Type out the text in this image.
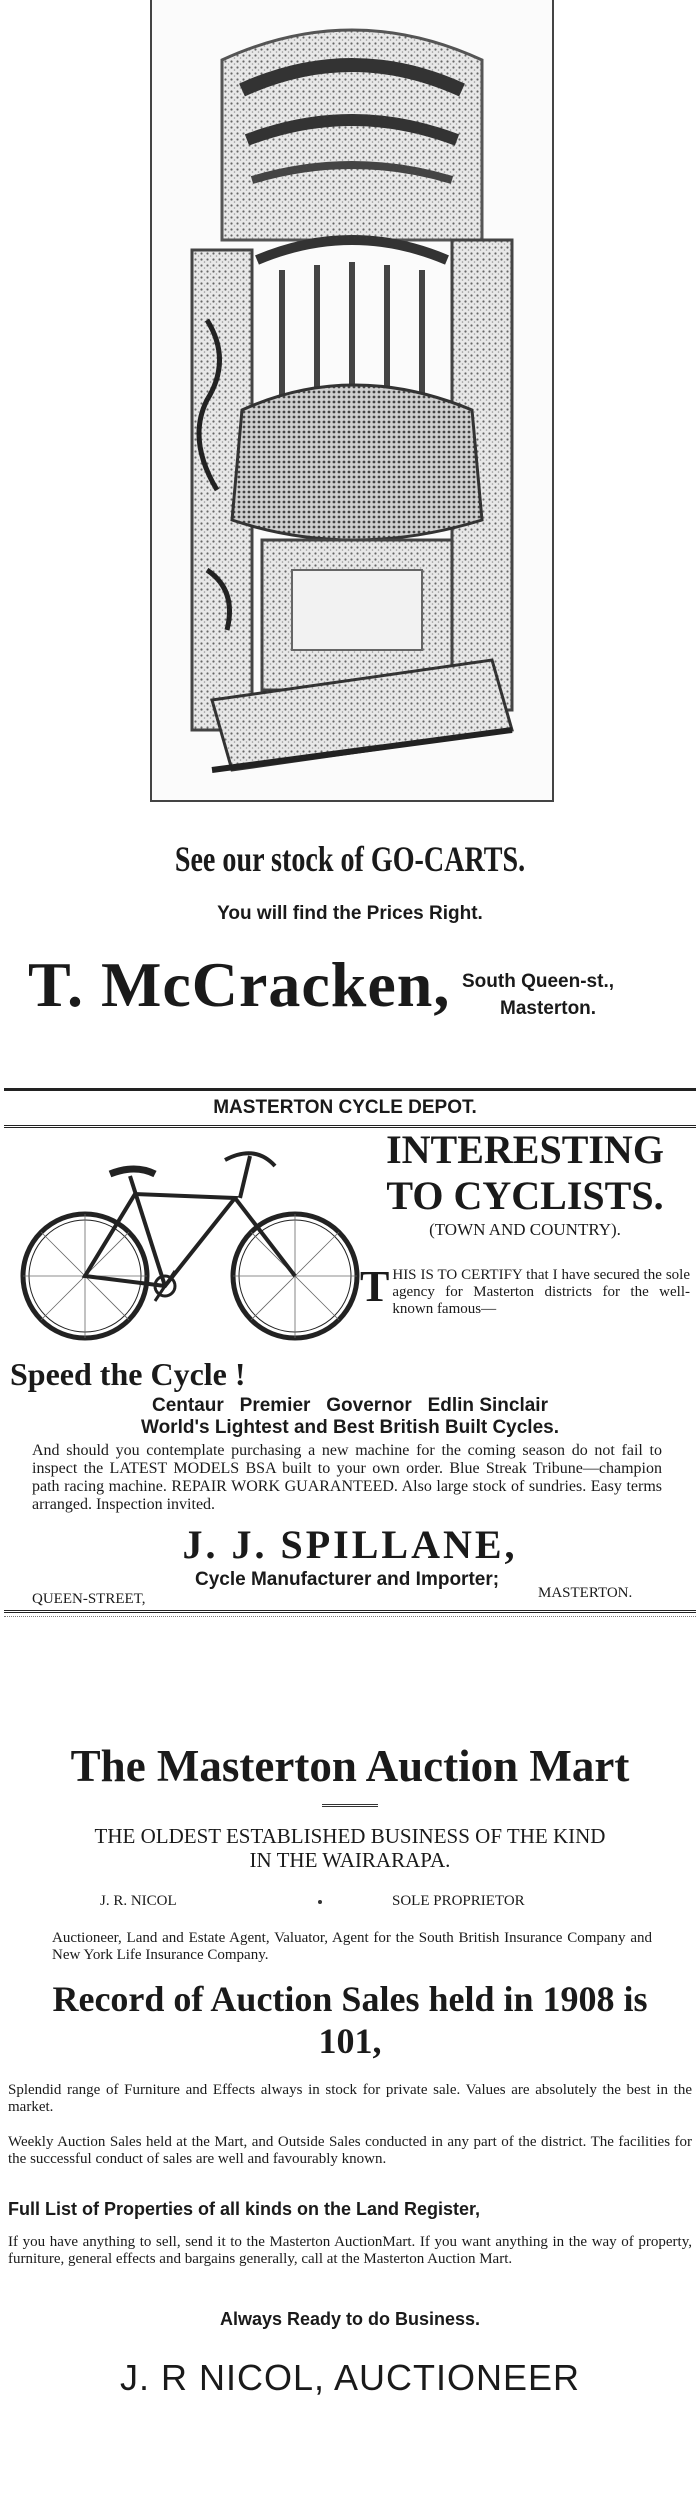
See our stock of GO-CARTS.
You will find the Prices Right.
T. McCracken, South Queen-st.,
Masterton.
MASTERTON CYCLE DEPOT.
Speed the Cycle !
INTERESTING
TO CYCLISTS.
(TOWN AND COUNTRY).
T HIS IS TO CERTIFY that I have secured the sole agency for Masterton districts for the well-known famous—
Centaur   Premier   Governor   Edlin Sinclair
World's Lightest and Best British Built Cycles.
And should you contemplate purchasing a new machine for the coming season do not fail to inspect the LATEST MODELS BSA built to your own order. Blue Streak Tribune—champion path racing machine. REPAIR WORK GUARANTEED. Also large stock of sundries. Easy terms arranged. Inspection invited.
J. J. SPILLANE,
Cycle Manufacturer and Importer;
QUEEN-STREET,	MASTERTON.
The Masterton Auction Mart
THE OLDEST ESTABLISHED BUSINESS OF THE KIND
IN THE WAIRARAPA.
J. R. NICOL	SOLE PROPRIETOR
Auctioneer, Land and Estate Agent, Valuator, Agent for the South British Insurance Company and New York Life Insurance Company.
Record of Auction Sales held in 1908 is
101,
Splendid range of Furniture and Effects always in stock for private sale. Values are absolutely the best in the market.
Weekly Auction Sales held at the Mart, and Outside Sales conducted in any part of the district. The facilities for the successful conduct of sales are well and favourably known.
Full List of Properties of all kinds on the Land Register,
If you have anything to sell, send it to the Masterton AuctionMart. If you want anything in the way of property, furniture, general effects and bargains generally, call at the Masterton Auction Mart.
Always Ready to do Business.
J. R NICOL, AUCTIONEER
